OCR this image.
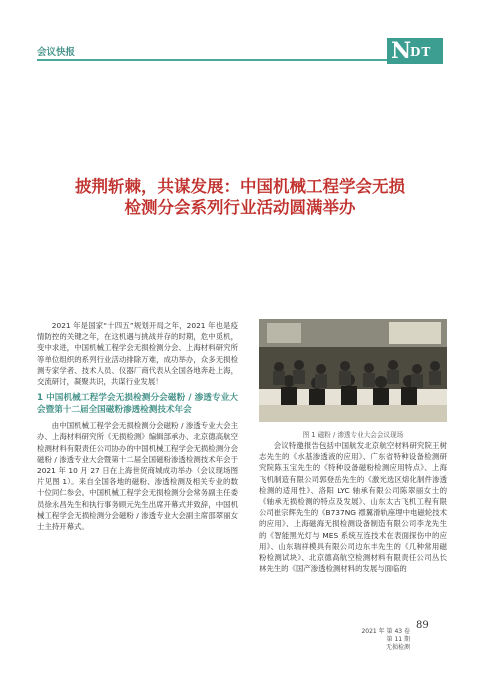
会议快报	N
DT
披荆斩棘，共谋发展：中国机械工程学会无损
检测分会系列行业活动圆满举办

2021 年是国家“十四五”规划开局之年，2021 年也是疫情防控的关键之年，在这机遇与挑战并存的时期，危中觅机，变中求进，中国机械工程学会无损检测分会、上海材料研究所等单位组织的系列行业活动排除万难，成功举办，众多无损检测专家学者、技术人员、仪器厂商代表从全国各地奔赴上海，交流研讨，凝聚共识，共谋行业发展！

1 中国机械工程学会无损检测分会磁粉 / 渗透专业大会暨第十二届全国磁粉渗透检测技术年会

由中国机械工程学会无损检测分会磁粉 / 渗透专业大会主办、上海材料研究所《无损检测》编辑部承办、北京德高航空检测材料有限责任公司协办的中国机械工程学会无损检测分会磁粉 / 渗透专业大会暨第十二届全国磁粉渗透检测技术年会于 2021 年 10 月 27 日在上海世贸商城成功举办（会议现场图片见图 1）。来自全国各地的磁粉、渗透检测及相关专业的数十位同仁参会。中国机械工程学会无损检测分会常务副主任委员徐永昌先生和执行事务顾元先生出席开幕式并致辞，中国机械工程学会无损检测分会磁粉 / 渗透专业大会副主席邵翠丽女士主持开幕式。

图 1 磁粉 / 渗透专业大会会议现场

会议特邀报告包括中国航发北京航空材料研究院王树志先生的《水基渗透液的应用》、广东省特种设备检测研究院陈玉宝先生的《特种设备磁粉检测应用特点》、上海飞机制造有限公司郭登岳先生的《激光选区熔化制件渗透检测的适用性》、洛阳 LYC 轴承有限公司陈翠丽女士的《轴承无损检测的特点及发展》、山东太古飞机工程有限公司崔宗辉先生的《B737NG 襟翼滑轨座埋中电磁轮技术的应用》、上海磁海无损检测设备制造有限公司李龙先生的《智能黑光灯与 MES 系统互连技术在表面探伤中的应用》、山东瑞祥模具有限公司边东丰先生的《几种常用磁粉检测试块》、北京德高航空检测材料有限责任公司丛长林先生的《国产渗透检测材料的发展与面临的

2021 年 第 43 卷 第 11 期
无损检测
89
